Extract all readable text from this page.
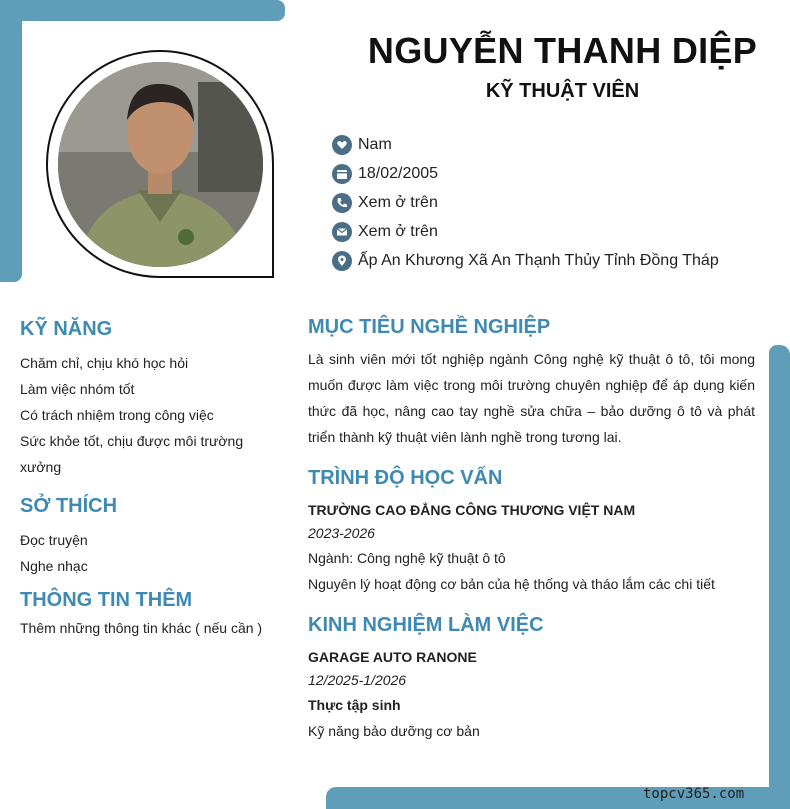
NGUYỄN THANH DIỆP
KỸ THUẬT VIÊN
Nam
18/02/2005
Xem ở trên
Xem ở trên
Ấp An Khương Xã An Thạnh Thủy Tỉnh Đồng Tháp
KỸ NĂNG

Chăm chỉ, chịu khó học hỏi

Làm việc nhóm tốt

Có trách nhiệm trong công việc

Sức khỏe tốt, chịu được môi trường xưởng

SỞ THÍCH

Đọc truyện

Nghe nhạc

THÔNG TIN THÊM

Thêm những thông tin khác ( nếu cần )

MỤC TIÊU NGHỀ NGHIỆP

Là sinh viên mới tốt nghiệp ngành Công nghệ kỹ thuật ô tô, tôi mong muốn được làm việc trong môi trường chuyên nghiệp để áp dụng kiến thức đã học, nâng cao tay nghề sửa chữa – bảo dưỡng ô tô và phát triển thành kỹ thuật viên lành nghề trong tương lai.

TRÌNH ĐỘ HỌC VẤN

TRƯỜNG CAO ĐẲNG CÔNG THƯƠNG VIỆT NAM

2023-2026

Ngành: Công nghệ kỹ thuật ô tô

Nguyên lý hoạt động cơ bản của hệ thống và tháo lắm các chi tiết

KINH NGHIỆM LÀM VIỆC

GARAGE AUTO RANONE

12/2025-1/2026

Thực tập sinh

Kỹ năng bảo dưỡng cơ bản

topcv365.com
